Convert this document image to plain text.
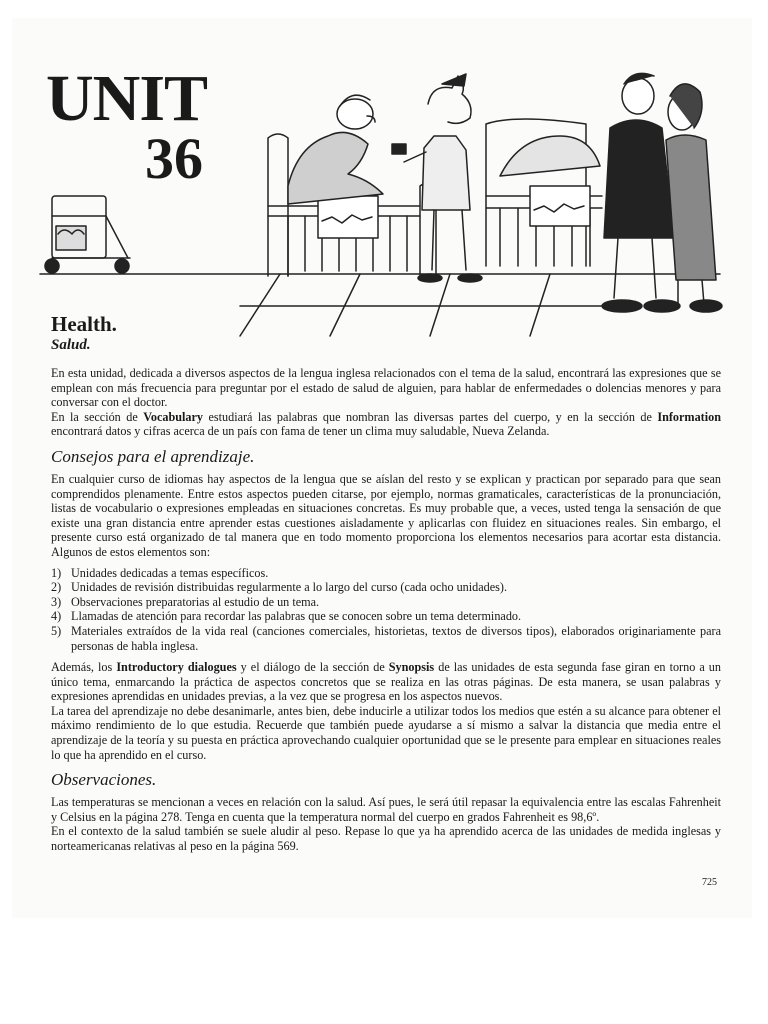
UNIT
36
Health.
Salud.

En esta unidad, dedicada a diversos aspectos de la lengua inglesa relacionados con el tema de la salud, encontrará las expresiones que se emplean con más frecuencia para preguntar por el estado de salud de alguien, para hablar de enfermedades o dolencias menores y para conversar con el doctor.

En la sección de Vocabulary estudiará las palabras que nombran las diversas partes del cuerpo, y en la sección de Information encontrará datos y cifras acerca de un país con fama de tener un clima muy saludable, Nueva Zelanda.

Consejos para el aprendizaje.

En cualquier curso de idiomas hay aspectos de la lengua que se aíslan del resto y se explican y practican por separado para que sean comprendidos plenamente. Entre estos aspectos pueden citarse, por ejemplo, normas gramaticales, características de la pronunciación, listas de vocabulario o expresiones empleadas en situaciones concretas. Es muy probable que, a veces, usted tenga la sensación de que existe una gran distancia entre aprender estas cuestiones aisladamente y aplicarlas con fluidez en situaciones reales. Sin embargo, el presente curso está organizado de tal manera que en todo momento proporciona los elementos necesarios para acortar esta distancia. Algunos de estos elementos son:

1) Unidades dedicadas a temas específicos.
2) Unidades de revisión distribuidas regularmente a lo largo del curso (cada ocho unidades).
3) Observaciones preparatorias al estudio de un tema.
4) Llamadas de atención para recordar las palabras que se conocen sobre un tema determinado.
5) Materiales extraídos de la vida real (canciones comerciales, historietas, textos de diversos tipos), elaborados originariamente para personas de habla inglesa.

Además, los Introductory dialogues y el diálogo de la sección de Synopsis de las unidades de esta segunda fase giran en torno a un único tema, enmarcando la práctica de aspectos concretos que se realiza en las otras páginas. De esta manera, se usan palabras y expresiones aprendidas en unidades previas, a la vez que se progresa en los aspectos nuevos.

La tarea del aprendizaje no debe desanimarle, antes bien, debe inducirle a utilizar todos los medios que estén a su alcance para obtener el máximo rendimiento de lo que estudia. Recuerde que también puede ayudarse a sí mismo a salvar la distancia que media entre el aprendizaje de la teoría y su puesta en práctica aprovechando cualquier oportunidad que se le presente para emplear en situaciones reales lo que ha aprendido en el curso.

Observaciones.

Las temperaturas se mencionan a veces en relación con la salud. Así pues, le será útil repasar la equivalencia entre las escalas Fahrenheit y Celsius en la página 278. Tenga en cuenta que la temperatura normal del cuerpo en grados Fahrenheit es 98,6º.

En el contexto de la salud también se suele aludir al peso. Repase lo que ya ha aprendido acerca de las unidades de medida inglesas y norteamericanas relativas al peso en la página 569.

725
